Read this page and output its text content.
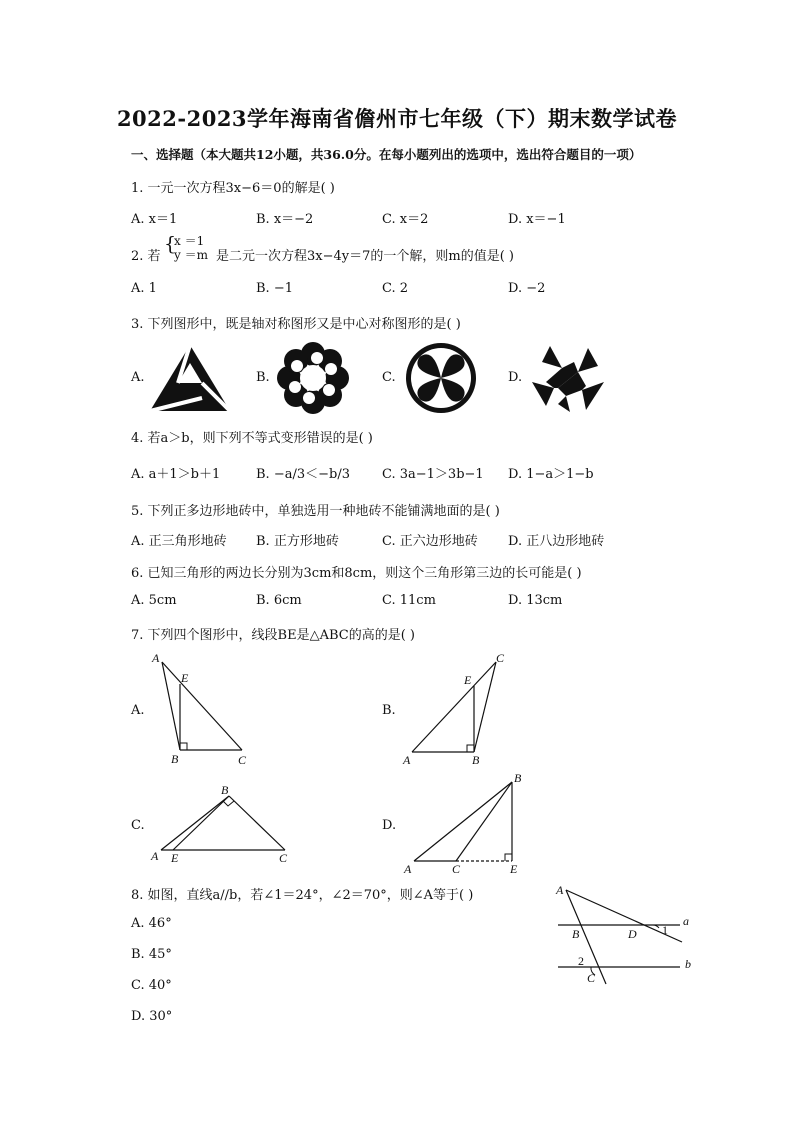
2022-2023学年海南省儋州市七年级（下）期末数学试卷
一、选择题（本大题共12小题，共36.0分。在每小题列出的选项中，选出符合题目的一项）
1. 一元一次方程3x−6＝0的解是( )
A. x＝1	B. x＝−2	C. x＝2	D. x＝−1
2. 若
{
x ＝1
y ＝m 是二元一次方程3x−4y＝7的一个解，则m的值是( )
A. 1	B. −1	C. 2	D. −2
3. 下列图形中，既是轴对称图形又是中心对称图形的是( )
A.	B.	C.	D.
4. 若a＞b，则下列不等式变形错误的是( )
A. a＋1＞b＋1	B. −a/3＜−b/3 C. 3a−1＞3b−1 D. 1−a＞1−b
5. 下列正多边形地砖中，单独选用一种地砖不能铺满地面的是( )
A. 正三角形地砖 B. 正方形地砖	C. 正六边形地砖 D. 正八边形地砖
6. 已知三角形的两边长分别为3cm和8cm，则这个三角形第三边的长可能是( )
A. 5cm	B. 6cm	C. 11cm	D. 13cm
7. 下列四个图形中，线段BE是△ABC的高的是( )
A.	B.
C.	D.
A
E
B	C
C
E
A	B
B
A E	C
B
A	C	E
8. 如图，直线a//b，若∠1＝24°，∠2＝70°，则∠A等于( )
A. 46°
B. 45°
C. 40°
D. 30°
A
a
B	D 1
2	b
C
